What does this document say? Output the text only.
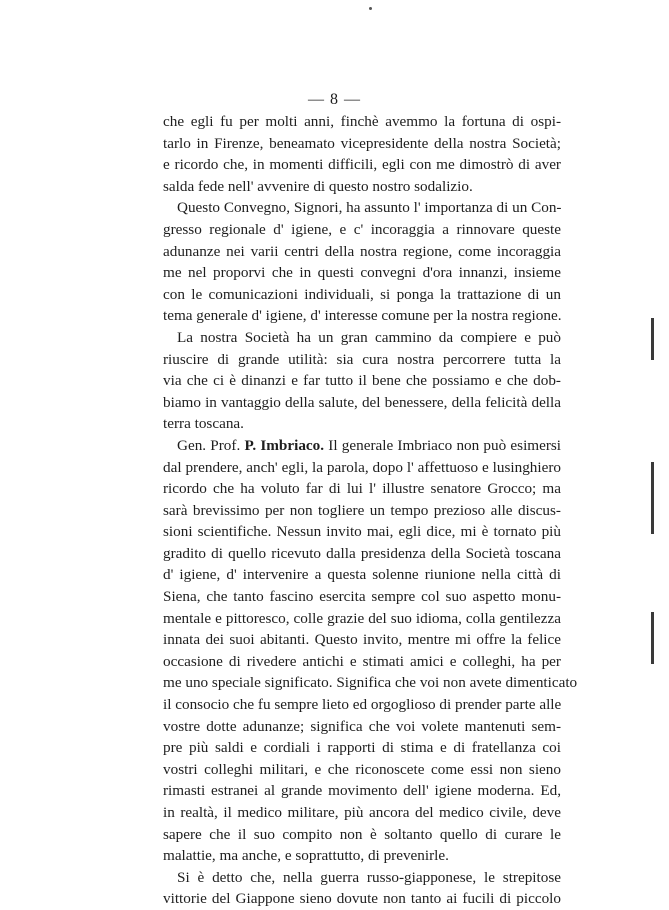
— 8 —
che egli fu per molti anni, finchè avemmo la fortuna di ospi-
tarlo in Firenze, beneamato vicepresidente della nostra Società;
e ricordo che, in momenti difficili, egli con me dimostrò di aver
saldа fede nell' avvenire di questo nostro sodalizio.
Questo Convegno, Signori, ha assunto l' importanza di un Con-
gresso regionale d' igiene, e c' incoraggia a rinnovare queste
adunanze nei varii centri della nostra regione, come incoraggia
me nel proporvi che in questi convegni d'ora innanzi, insieme
con le comunicazioni individuali, si ponga la trattazione di un
tema generale d' igiene, d' interesse comune per la nostra regione.
La nostra Società ha un gran cammino da compiere e può
riuscire di grande utilità: sia cura nostra percorrere tutta la
via che ci è dinanzi e far tutto il bene che possiamo e che dob-
biamo in vantaggio della salute, del benessere, della felicità della
terra toscana.
Gen. Prof. P. Imbriaco. Il generale Imbriaco non può esimersi
dal prendere, anch' egli, la parola, dopo l' affettuoso e lusinghiero
ricordo che ha voluto far di lui l' illustre senatore Grocco; ma
sarà brevissimo per non togliere un tempo prezioso alle discus-
sioni scientifiche. Nessun invito mai, egli dice, mi è tornato più
gradito di quello ricevuto dalla presidenza della Società toscana
d' igiene, d' intervenire a questa solenne riunione nella città di
Siena, che tanto fascino esercita sempre col suo aspetto monu-
mentale e pittoresco, colle grazie del suo idioma, colla gentilezza
innata dei suoi abitanti. Questo invito, mentre mi offre la felice
occasione di rivedere antichi e stimati amici e colleghi, ha per
me uno speciale significato. Significa che voi non avete dimenticato
il consocio che fu sempre lieto ed orgoglioso di prender parte alle
vostre dotte adunanze; significa che voi volete mantenuti sem-
pre più saldi e cordiali i rapporti di stima e di fratellanza coi
vostri colleghi militari, e che riconoscete come essi non sieno
rimasti estranei al grande movimento dell' igiene moderna. Ed,
in realtà, il medico militare, più ancora del medico civile, deve
sapere che il suo compito non è soltanto quello di curare le
malattie, ma anche, e soprattutto, di prevenirle.
Si è detto che, nella guerra russo-giapponese, le strepitose
vittorie del Giappone sieno dovute non tanto ai fucili di piccolo
